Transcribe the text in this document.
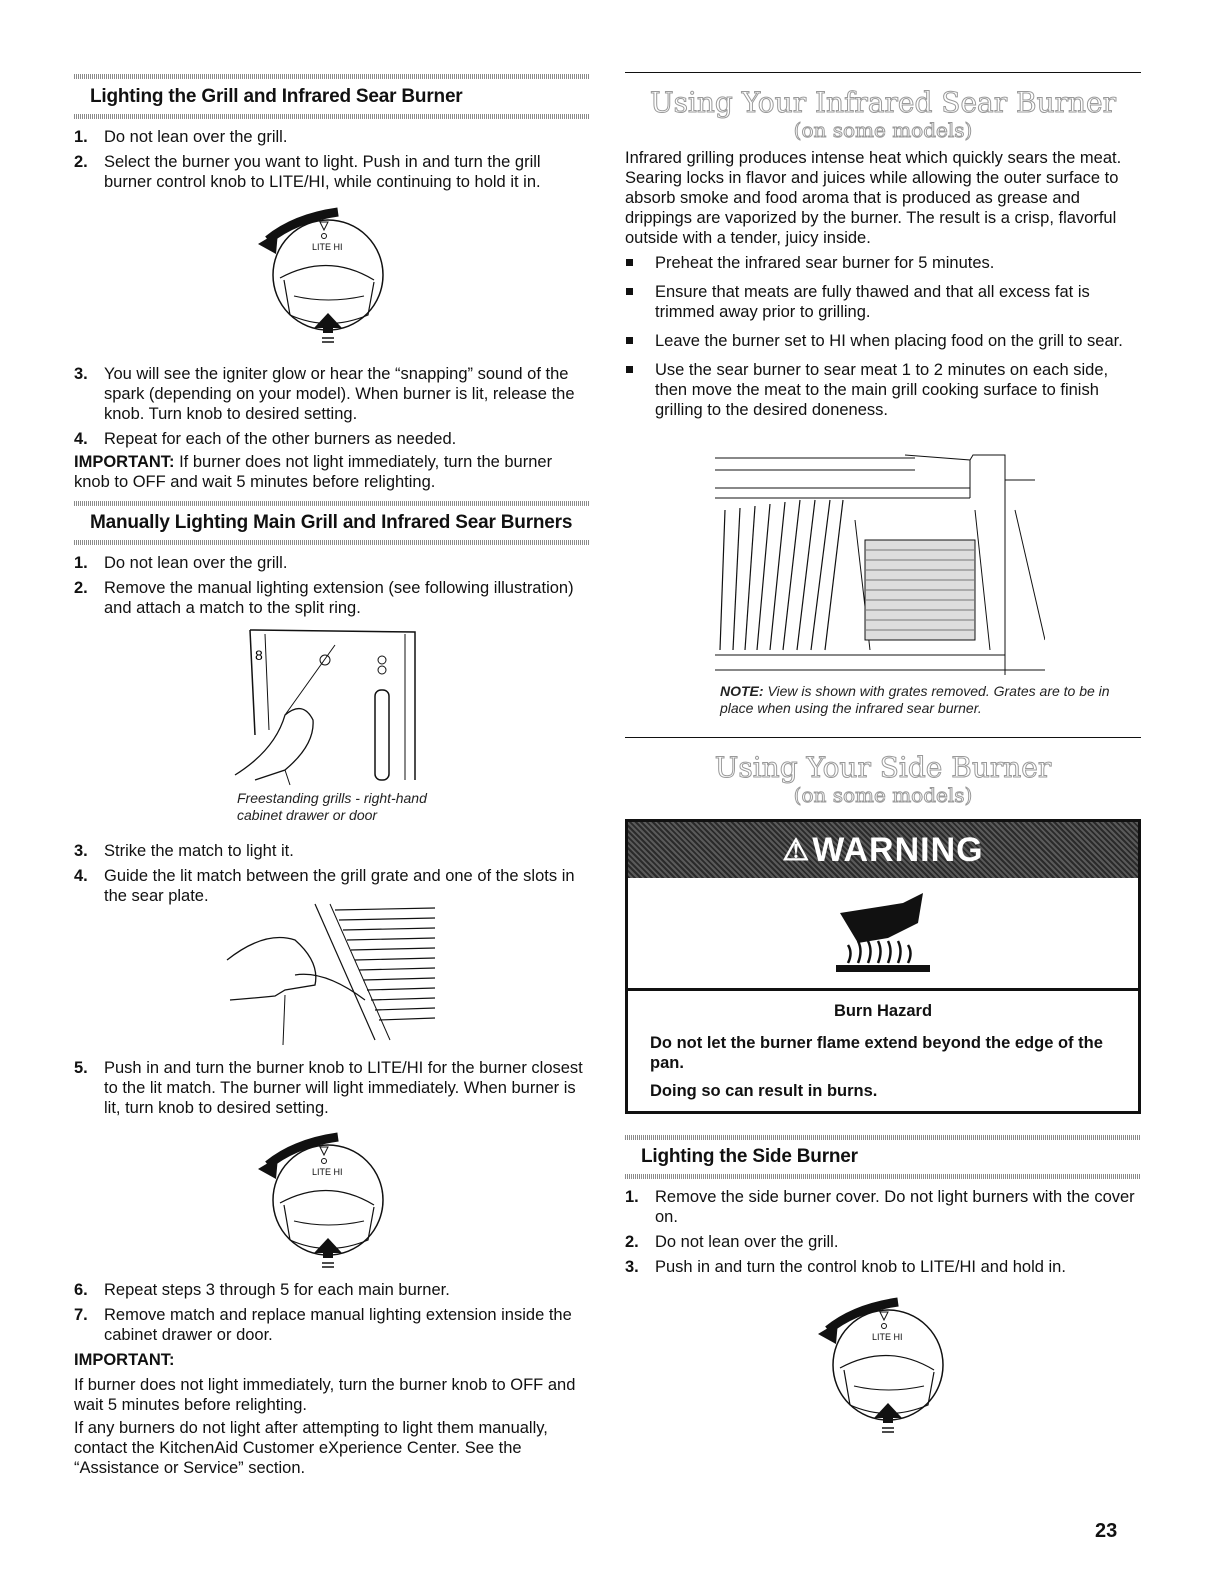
Lighting the Grill and Infrared Sear Burner
1. Do not lean over the grill.
2. Select the burner you want to light. Push in and turn the grill burner control knob to LITE/HI, while continuing to hold it in.
LITE HI
3. You will see the igniter glow or hear the “snapping” sound of the spark (depending on your model). When burner is lit, release the knob. Turn knob to desired setting.
4. Repeat for each of the other burners as needed.

IMPORTANT: If burner does not light immediately, turn the burner knob to OFF and wait 5 minutes before relighting.

Manually Lighting Main Grill and Infrared Sear Burners
1. Do not lean over the grill.
2. Remove the manual lighting extension (see following illustration) and attach a match to the split ring.
8

Freestanding grills - right-hand cabinet drawer or door

3. Strike the match to light it.
4. Guide the lit match between the grill grate and one of the slots in the sear plate.
5. Push in and turn the burner knob to LITE/HI for the burner closest to the lit match. The burner will light immediately. When burner is lit, turn knob to desired setting.
LITE HI
6. Repeat steps 3 through 5 for each main burner.
7. Remove match and replace manual lighting extension inside the cabinet drawer or door.

IMPORTANT:

If burner does not light immediately, turn the burner knob to OFF and wait 5 minutes before relighting.

If any burners do not light after attempting to light them manually, contact the KitchenAid Customer eXperience Center. See the “Assistance or Service” section.

Using Your Infrared Sear Burner
(on some models)

Infrared grilling produces intense heat which quickly sears the meat. Searing locks in flavor and juices while allowing the outer surface to absorb smoke and food aroma that is produced as grease and drippings are vaporized by the burner. The result is a crisp, flavorful outside with a tender, juicy inside.

Preheat the infrared sear burner for 5 minutes.
Ensure that meats are fully thawed and that all excess fat is trimmed away prior to grilling.
Leave the burner set to HI when placing food on the grill to sear.
Use the sear burner to sear meat 1 to 2 minutes on each side, then move the meat to the main grill cooking surface to finish grilling to the desired doneness.

NOTE: View is shown with grates removed. Grates are to be in place when using the infrared sear burner.

Using Your Side Burner
(on some models)
⚠ WARNING

Burn Hazard

Do not let the burner flame extend beyond the edge of the pan.

Doing so can result in burns.

Lighting the Side Burner
1. Remove the side burner cover. Do not light burners with the cover on.
2. Do not lean over the grill.
3. Push in and turn the control knob to LITE/HI and hold in.
LITE HI
23
